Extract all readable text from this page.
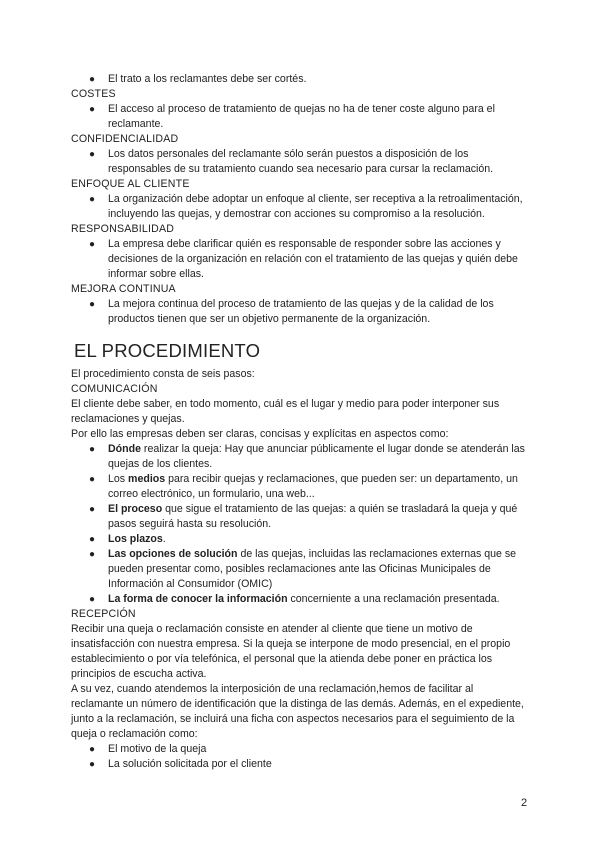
● El trato a los reclamantes debe ser cortés.

COSTES

● El acceso al proceso de tratamiento de quejas no ha de tener coste alguno para el reclamante.

CONFIDENCIALIDAD

● Los datos personales del reclamante sólo serán puestos a disposición de los responsables de su tratamiento cuando sea necesario para cursar la reclamación.

ENFOQUE AL CLIENTE

● La organización debe adoptar un enfoque al cliente, ser receptiva a la retroalimentación, incluyendo las quejas, y demostrar con acciones su compromiso a la resolución.

RESPONSABILIDAD

● La empresa debe clarificar quién es responsable de responder sobre las acciones y decisiones de la organización en relación con el tratamiento de las quejas y quién debe informar sobre ellas.

MEJORA CONTINUA

● La mejora continua del proceso de tratamiento de las quejas y de la calidad de los productos tienen que ser un objetivo permanente de la organización.
EL PROCEDIMIENTO

El procedimiento consta de seis pasos:

COMUNICACIÓN

El cliente debe saber, en todo momento, cuál es el lugar y medio para poder interponer sus reclamaciones y quejas.

Por ello las empresas deben ser claras, concisas y explícitas en aspectos como:

● Dónde realizar la queja: Hay que anunciar públicamente el lugar donde se atenderán las quejas de los clientes.
● Los medios para recibir quejas y reclamaciones, que pueden ser: un departamento, un correo electrónico, un formulario, una web...
● El proceso que sigue el tratamiento de las quejas: a quién se trasladará la queja y qué pasos seguirá hasta su resolución.
● Los plazos.
● Las opciones de solución de las quejas, incluidas las reclamaciones externas que se pueden presentar como, posibles reclamaciones ante las Oficinas Municipales de Información al Consumidor (OMIC)
● La forma de conocer la información concerniente a una reclamación presentada.

RECEPCIÓN

Recibir una queja o reclamación consiste en atender al cliente que tiene un motivo de insatisfacción con nuestra empresa. Si la queja se interpone de modo presencial, en el propio establecimiento o por vía telefónica, el personal que la atienda debe poner en práctica los principios de escucha activa.

A su vez, cuando atendemos la interposición de una reclamación,hemos de facilitar al reclamante un número de identificación que la distinga de las demás. Además, en el expediente, junto a la reclamación, se incluirá una ficha con aspectos necesarios para el seguimiento de la queja o reclamación como:

● El motivo de la queja
● La solución solicitada por el cliente
2
